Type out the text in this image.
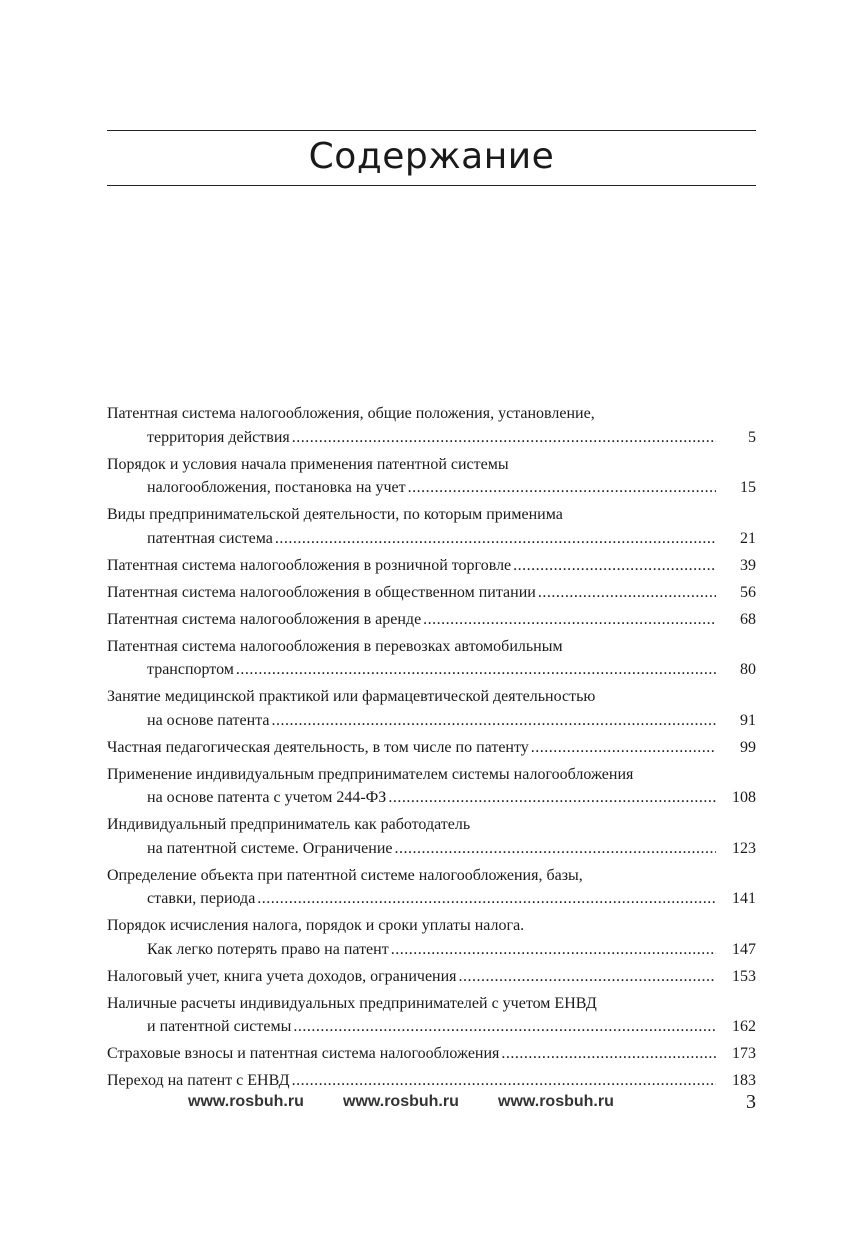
Содержание
Патентная система налогообложения, общие положения, установление,
территория действия .....	5
Порядок и условия начала применения патентной системы
налогообложения, постановка на учет .....	15
Виды предпринимательской деятельности, по которым применима
патентная система .....	21
Патентная система налогообложения в розничной торговле .....	39
Патентная система налогообложения в общественном питании .....	56
Патентная система налогообложения в аренде .....	68
Патентная система налогообложения в перевозках автомобильным
транспортом .....	80
Занятие медицинской практикой или фармацевтической деятельностью
на основе патента .....	91
Частная педагогическая деятельность, в том числе по патенту .....	99
Применение индивидуальным предпринимателем системы налогообложения
на основе патента с учетом 244-ФЗ .....	108
Индивидуальный предприниматель как работодатель
на патентной системе. Ограничение .....	123
Определение объекта при патентной системе налогообложения, базы,
ставки, периода .....	141
Порядок исчисления налога, порядок и сроки уплаты налога.
Как легко потерять право на патент .....	147
Налоговый учет, книга учета доходов, ограничения .....	153
Наличные расчеты индивидуальных предпринимателей с учетом ЕНВД
и патентной системы .....	162
Страховые взносы и патентная система налогообложения .....	173
Переход на патент с ЕНВД .....	183
www.rosbuh.ru www.rosbuh.ru www.rosbuh.ru	3
